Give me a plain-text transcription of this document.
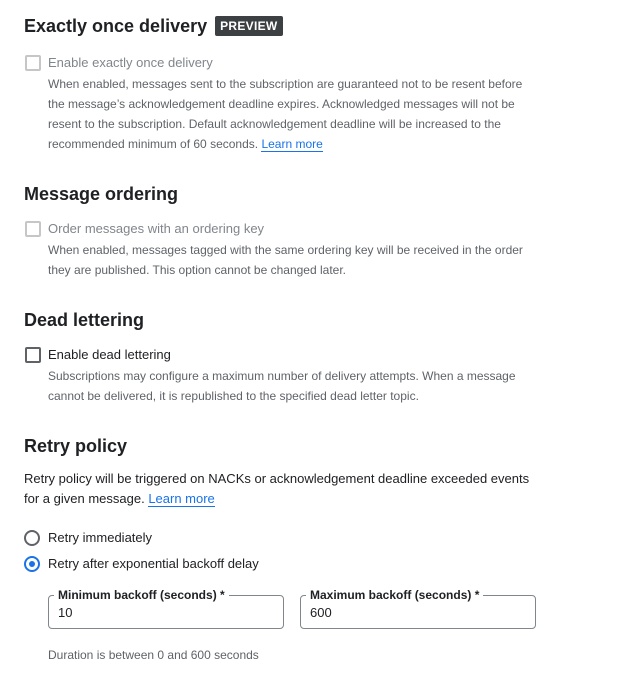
Exactly once delivery PREVIEW
Enable exactly once delivery
When enabled, messages sent to the subscription are guaranteed not to be resent before the message’s acknowledgement deadline expires. Acknowledged messages will not be resent to the subscription. Default acknowledgement deadline will be increased to the recommended minimum of 60 seconds. Learn more
Message ordering
Order messages with an ordering key
When enabled, messages tagged with the same ordering key will be received in the order
they are published. This option cannot be changed later.
Dead lettering
Enable dead lettering
Subscriptions may configure a maximum number of delivery attempts. When a message
cannot be delivered, it is republished to the specified dead letter topic.
Retry policy
Retry policy will be triggered on NACKs or acknowledgement deadline exceeded events
for a given message. Learn more
Retry immediately
Retry after exponential backoff delay
Minimum backoff (seconds) *
10
Maximum backoff (seconds) *
600
Duration is between 0 and 600 seconds
